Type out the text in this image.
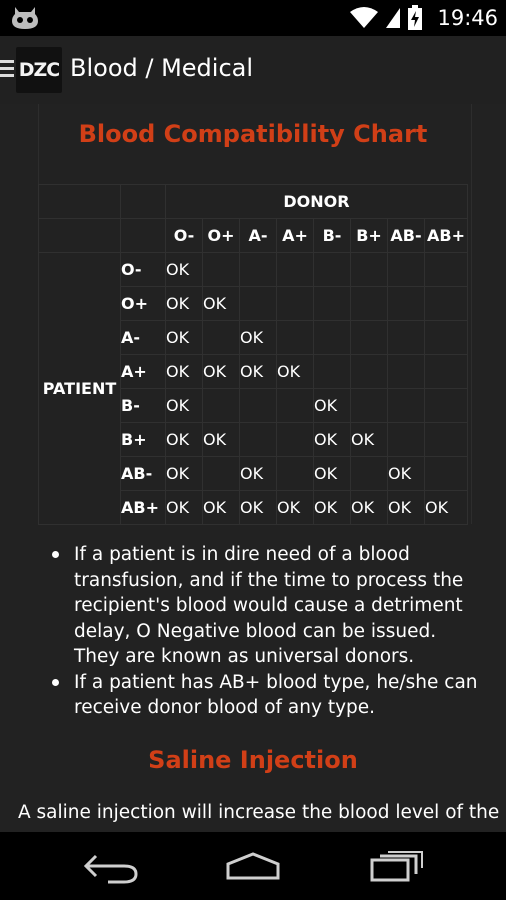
19:46
DZC Blood / Medical
Blood Compatibility Chart
		DONOR							
		O-	O+	A-	A+	B-	B+	AB-	AB+
PATIENT	O-	OK							
	O+	OK	OK						
	A-	OK		OK					
	A+	OK	OK	OK	OK				
	B-	OK				OK			
	B+	OK	OK			OK	OK		
	AB-	OK		OK		OK		OK	
	AB+	OK	OK	OK	OK	OK	OK	OK	OK
If a patient is in dire need of a blood transfusion, and if the time to process the recipient's blood would cause a detriment delay, O Negative blood can be issued. They are known as universal donors.
If a patient has AB+ blood type, he/she can receive donor blood of any type.
Saline Injection
A saline injection will increase the blood level of the
